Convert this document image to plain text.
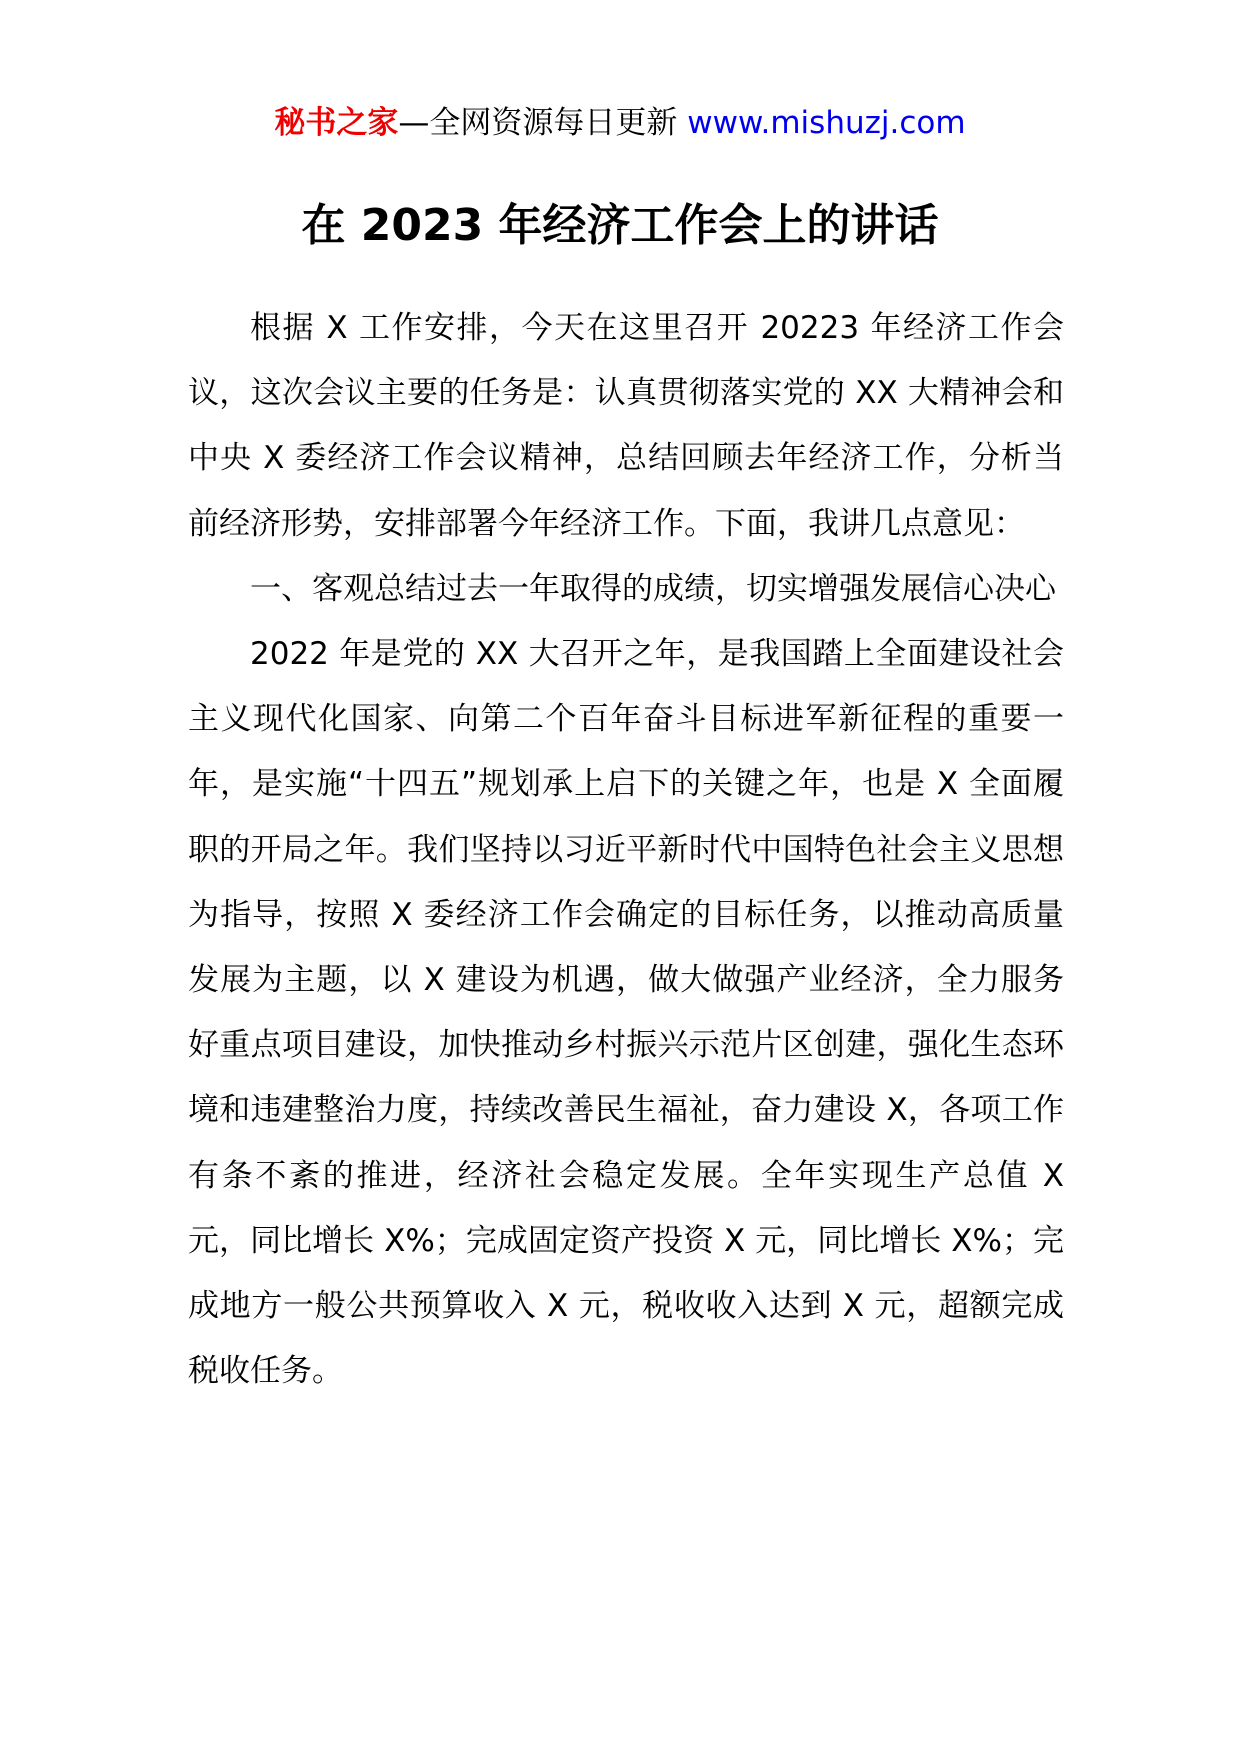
秘书之家—全网资源每日更新 www.mishuzj.com
在 2023 年经济工作会上的讲话

根据 X 工作安排，今天在这里召开 20223 年经济工作会议，这次会议主要的任务是：认真贯彻落实党的 XX 大精神会和中央 X 委经济工作会议精神，总结回顾去年经济工作，分析当前经济形势，安排部署今年经济工作。下面，我讲几点意见：

一、客观总结过去一年取得的成绩，切实增强发展信心决心

2022 年是党的 XX 大召开之年，是我国踏上全面建设社会主义现代化国家、向第二个百年奋斗目标进军新征程的重要一年，是实施“十四五”规划承上启下的关键之年，也是 X 全面履职的开局之年。我们坚持以习近平新时代中国特色社会主义思想为指导，按照 X 委经济工作会确定的目标任务，以推动高质量发展为主题，以 X 建设为机遇，做大做强产业经济，全力服务好重点项目建设，加快推动乡村振兴示范片区创建，强化生态环境和违建整治力度，持续改善民生福祉，奋力建设 X，各项工作有条不紊的推进，经济社会稳定发展。全年实现生产总值 X 元，同比增长 X%；完成固定资产投资 X 元，同比增长 X%；完成地方一般公共预算收入 X 元，税收收入达到 X 元，超额完成税收任务。
